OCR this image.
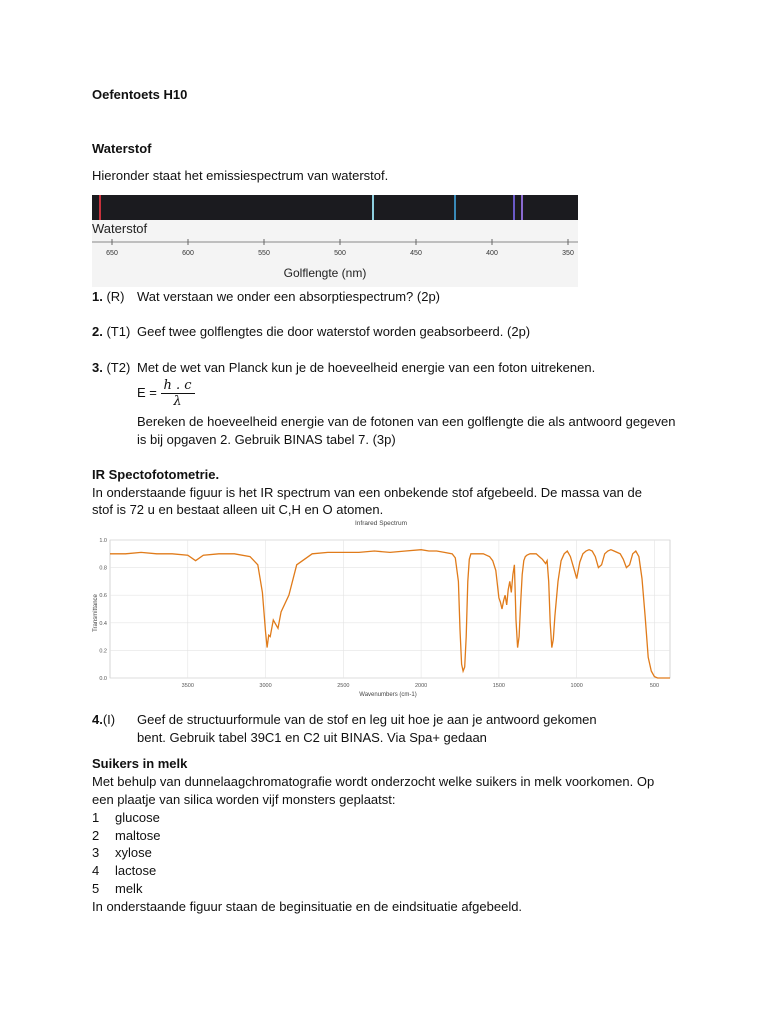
Oefentoets H10
Waterstof
Hieronder staat het emissiespectrum van waterstof.
Waterstof
650	600	550	500	450	400	350
Golflengte (nm)
1. (R) Wat verstaan we onder een absorptiespectrum? (2p)
2. (T1) Geef twee golflengtes die door waterstof worden geabsorbeerd. (2p)
3. (T2) Met de wet van Planck kun je de hoeveelheid energie van een foton uitrekenen.
$E = \frac{h . c}{\lambda}$
Bereken de hoeveelheid energie van de fotonen van een golflengte die als antwoord gegeven
is bij opgaven 2. Gebruik BINAS tabel 7. (3p)
IR Spectofotometrie.
In onderstaande figuur is het IR spectrum van een onbekende stof afgebeeld. De massa van de
stof is 72 u en bestaat alleen uit C,H en O atomen.
Infrared Spectrum
Transmittance
Wavenumbers (cm-1)
0.0
0.2
0.4
0.6
0.8
1.0
3500	3000	2500	2000	1500	1000	500
4.(I) Geef de structuurformule van de stof en leg uit hoe je aan je antwoord gekomen
bent. Gebruik tabel 39C1 en C2 uit BINAS. Via Spa+ gedaan
Suikers in melk
Met behulp van dunnelaagchromatografie wordt onderzocht welke suikers in melk voorkomen. Op
een plaatje van silica worden vijf monsters geplaatst:
1 glucose
2 maltose
3 xylose
4 lactose
5 melk
In onderstaande figuur staan de beginsituatie en de eindsituatie afgebeeld.
